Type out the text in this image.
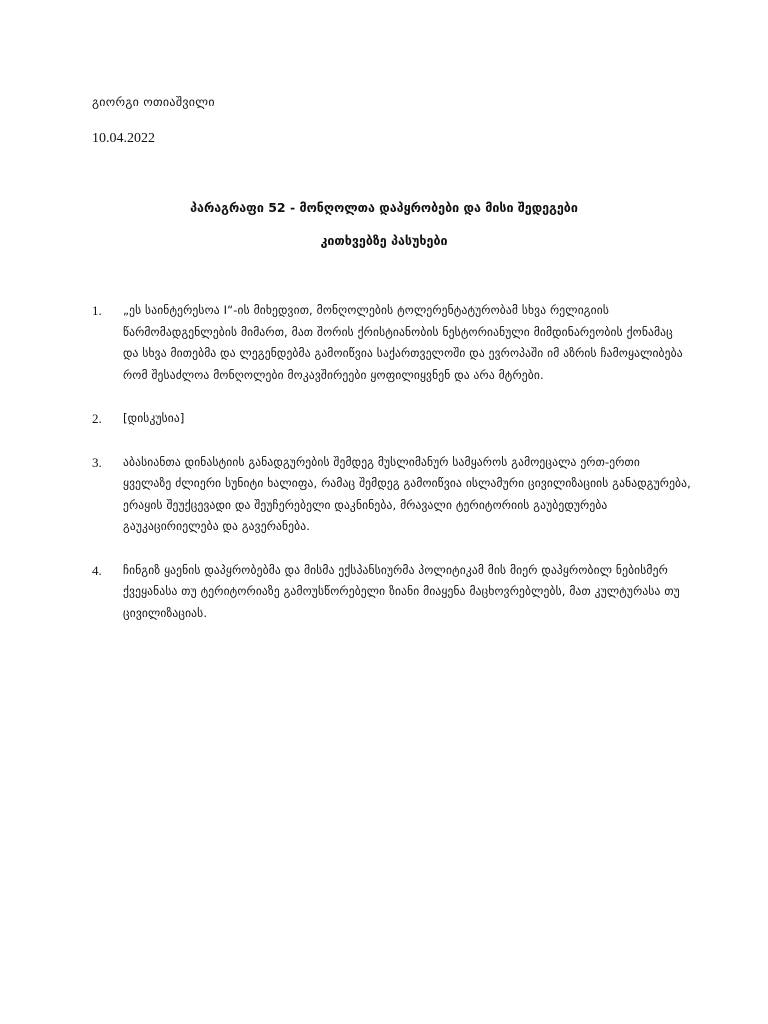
გიორგი ოთიაშვილი
10.04.2022
პარაგრაფი 52 - მონღოლთა დაპყრობები და მისი შედეგები
კითხვებზე პასუხები
1.	„ეს საინტერესოა I“-ის მიხედვით, მონღოლების ტოლერენტატურობამ სხვა რელიგიის წარმომადგენლების მიმართ, მათ შორის ქრისტიანობის ნესტორიანული მიმდინარეობის ქონამაც და სხვა მითებმა და ლეგენდებმა გამოიწვია საქართველოში და ევროპაში იმ აზრის ჩამოყალიბება რომ შესაძლოა მონღოლები მოკავშირეები ყოფილიყვნენ და არა მტრები.
2.	[დისკუსია]
3.	აბასიანთა დინასტიის განადგურების შემდეგ მუსლიმანურ სამყაროს გამოეცალა ერთ-ერთი ყველაზე ძლიერი სუნიტი ხალიფა, რამაც შემდეგ გამოიწვია ისლამური ცივილიზაციის განადგურება, ერაყის შეუქცევადი და შეუჩერებელი დაკნინება, მრავალი ტერიტორიის გაუბედურება გაუკაცირიელება და გავერანება.
4.	ჩინგიზ ყაენის დაპყრობებმა და მისმა ექსპანსიურმა პოლიტიკამ მის მიერ დაპყრობილ ნებისმერ ქვეყანასა თუ ტერიტორიაზე გამოუსწორებელი ზიანი მიაყენა მაცხოვრებლებს, მათ კულტურასა თუ ცივილიზაციას.
